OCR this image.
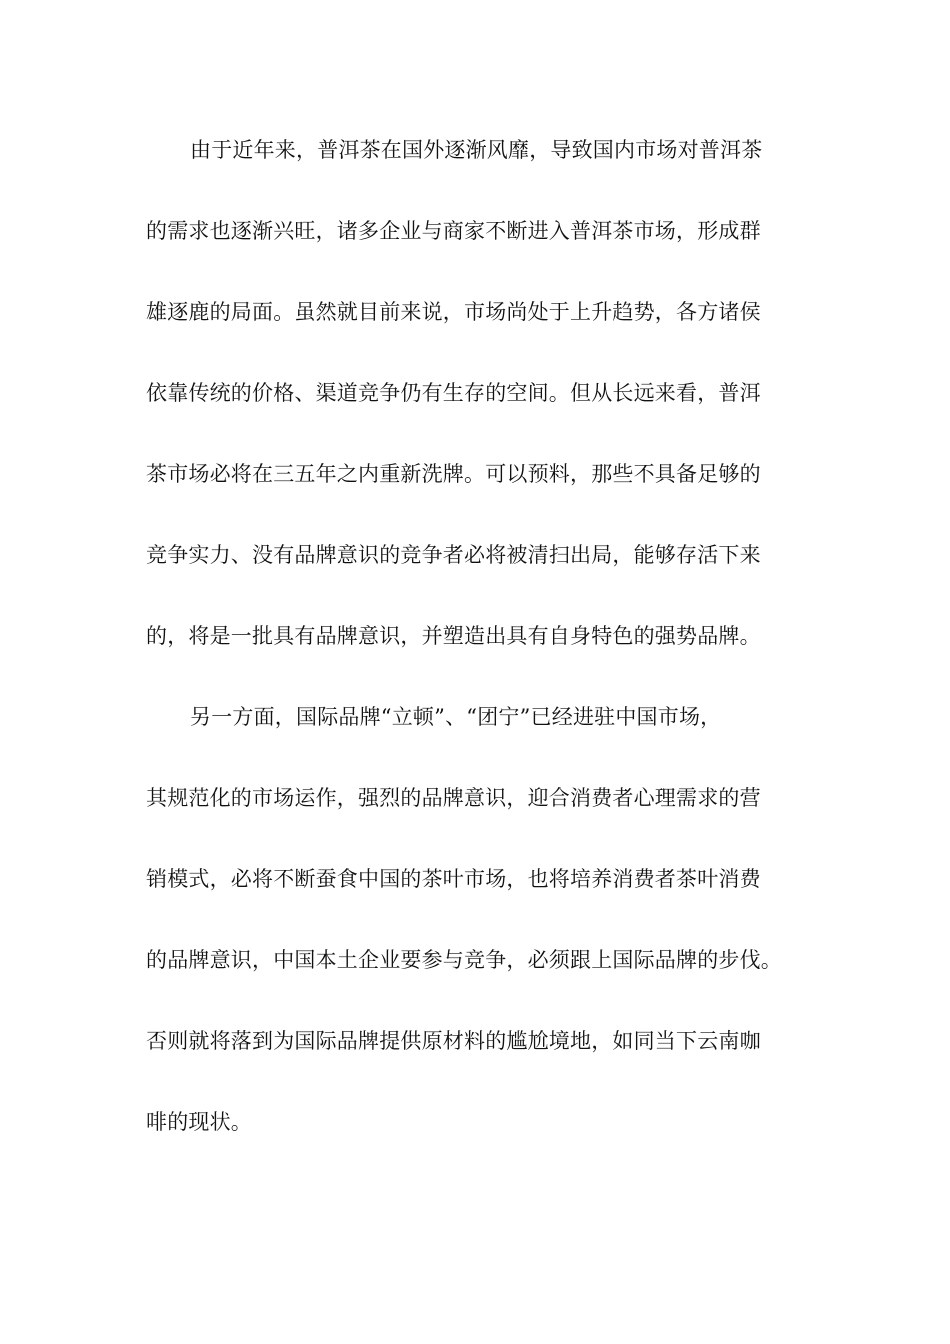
由于近年来，普洱茶在国外逐渐风靡，导致国内市场对普洱茶
的需求也逐渐兴旺，诸多企业与商家不断进入普洱茶市场，形成群
雄逐鹿的局面。虽然就目前来说，市场尚处于上升趋势，各方诸侯
依靠传统的价格、渠道竞争仍有生存的空间。但从长远来看，普洱
茶市场必将在三五年之内重新洗牌。可以预料，那些不具备足够的
竞争实力、没有品牌意识的竞争者必将被清扫出局，能够存活下来
的，将是一批具有品牌意识，并塑造出具有自身特色的强势品牌。
另一方面，国际品牌“立顿”、“团宁”已经进驻中国市场，
其规范化的市场运作，强烈的品牌意识，迎合消费者心理需求的营
销模式，必将不断蚕食中国的茶叶市场，也将培养消费者茶叶消费
的品牌意识，中国本土企业要参与竞争，必须跟上国际品牌的步伐。
否则就将落到为国际品牌提供原材料的尴尬境地，如同当下云南咖
啡的现状。
